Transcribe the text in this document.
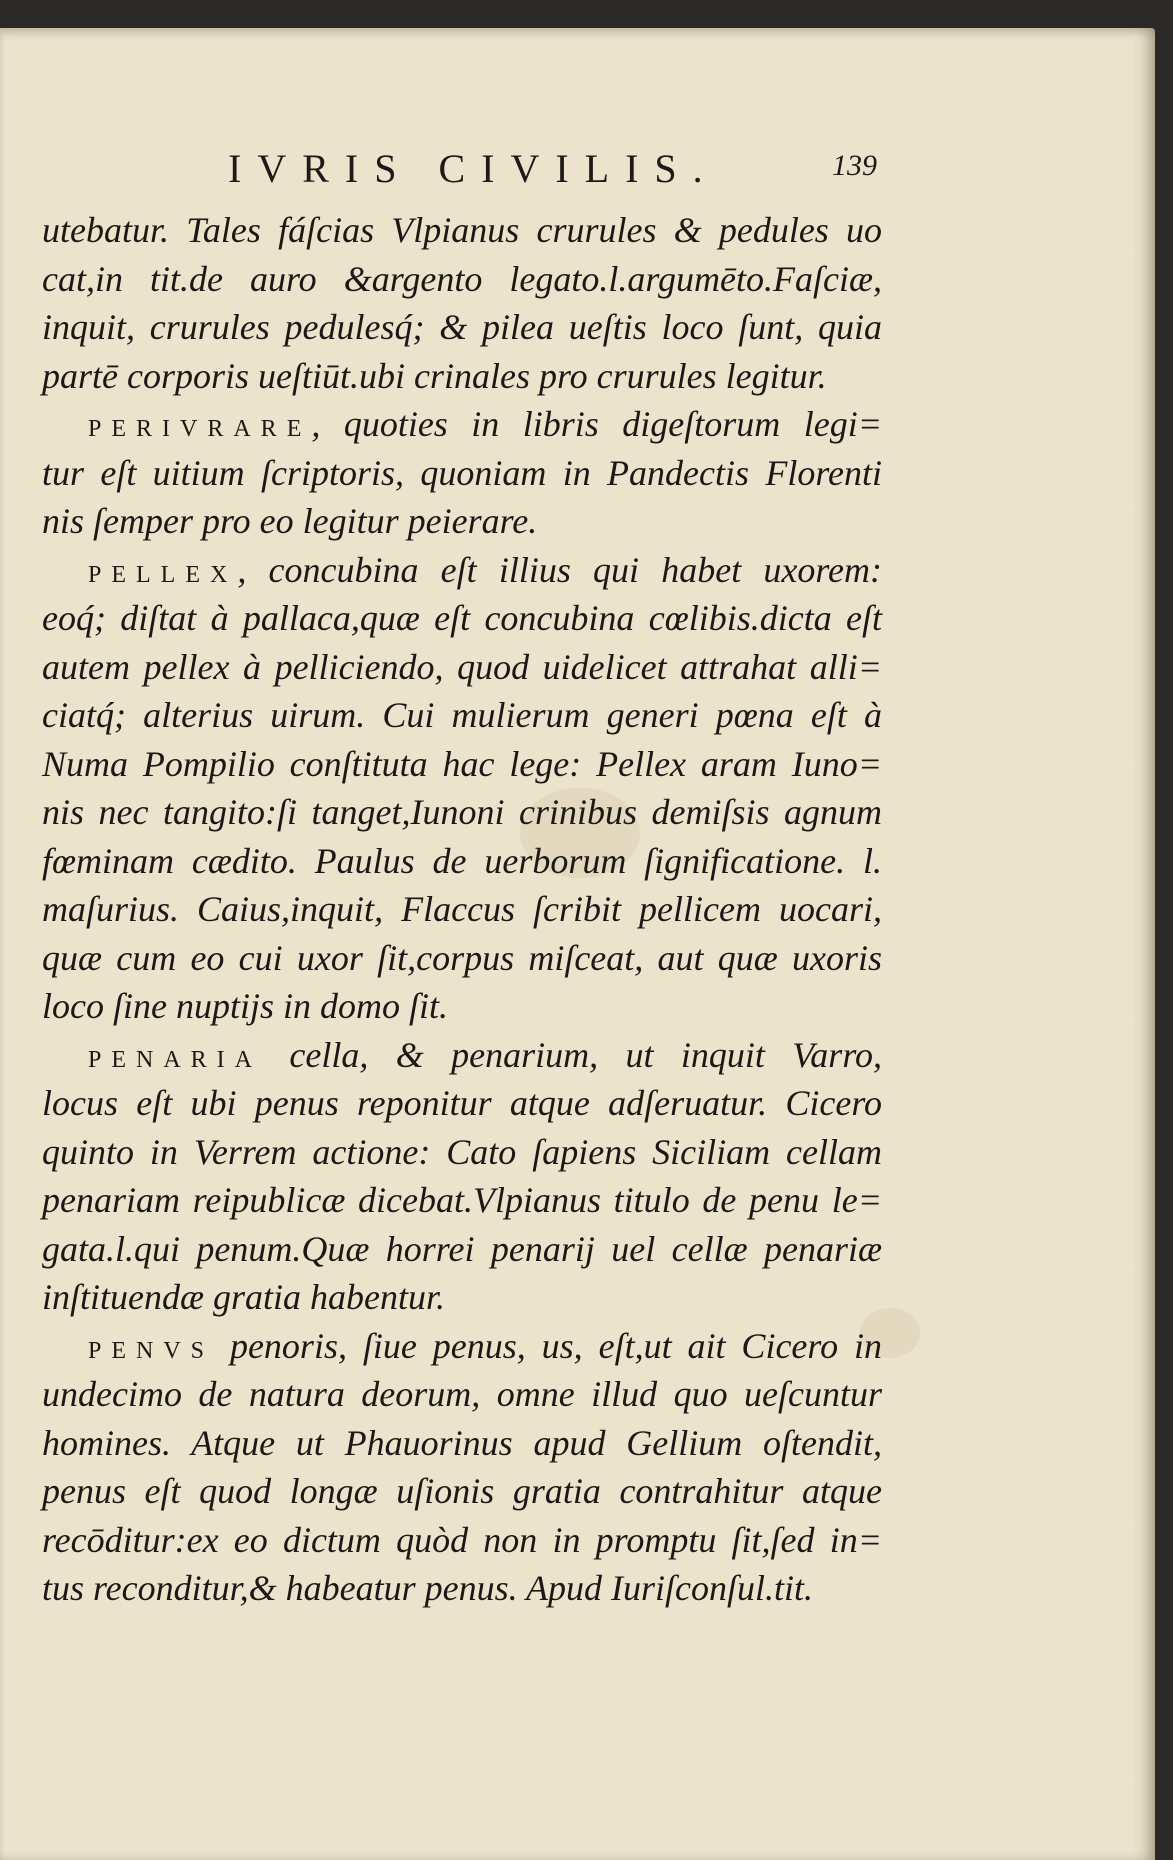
IVRIS CIVILIS.	139
utebatur. Tales fáſcias Vlpianus crurules & pedules uo
cat,in tit.de auro &argento legato.l.argumēto.Faſciæ,
inquit, crurules pedulesq́; & pilea ueſtis loco ſunt, quia
partē corporis ueſtiūt.ubi crinales pro crurules legitur.
PERIVRARE, quoties in libris digeſtorum legi=
tur eſt uitium ſcriptoris, quoniam in Pandectis Florenti
nis ſemper pro eo legitur peierare.
PELLEX, concubina eſt illius qui habet uxorem:
eoq́; diſtat à pallaca,quæ eſt concubina cœlibis.dicta eſt
autem pellex à pelliciendo, quod uidelicet attrahat alli=
ciatq́; alterius uirum. Cui mulierum generi pœna eſt à
Numa Pompilio conſtituta hac lege: Pellex aram Iuno=
nis nec tangito:ſi tanget,Iunoni crinibus demiſsis agnum
fœminam cædito. Paulus de uerborum ſignificatione. l.
maſurius. Caius,inquit, Flaccus ſcribit pellicem uocari,
quæ cum eo cui uxor ſit,corpus miſceat, aut quæ uxoris
loco ſine nuptijs in domo ſit.
PENARIA cella, & penarium, ut inquit Varro,
locus eſt ubi penus reponitur atque adſeruatur. Cicero
quinto in Verrem actione: Cato ſapiens Siciliam cellam
penariam reipublicæ dicebat.Vlpianus titulo de penu le=
gata.l.qui penum.Quæ horrei penarij uel cellæ penariæ
inſtituendæ gratia habentur.
PENVS penoris, ſiue penus, us, eſt,ut ait Cicero in
undecimo de natura deorum, omne illud quo ueſcuntur
homines. Atque ut Phauorinus apud Gellium oſtendit,
penus eſt quod longæ uſionis gratia contrahitur atque
recōditur:ex eo dictum quòd non in promptu ſit,ſed in=
tus reconditur,& habeatur penus. Apud Iuriſconſul.tit.
